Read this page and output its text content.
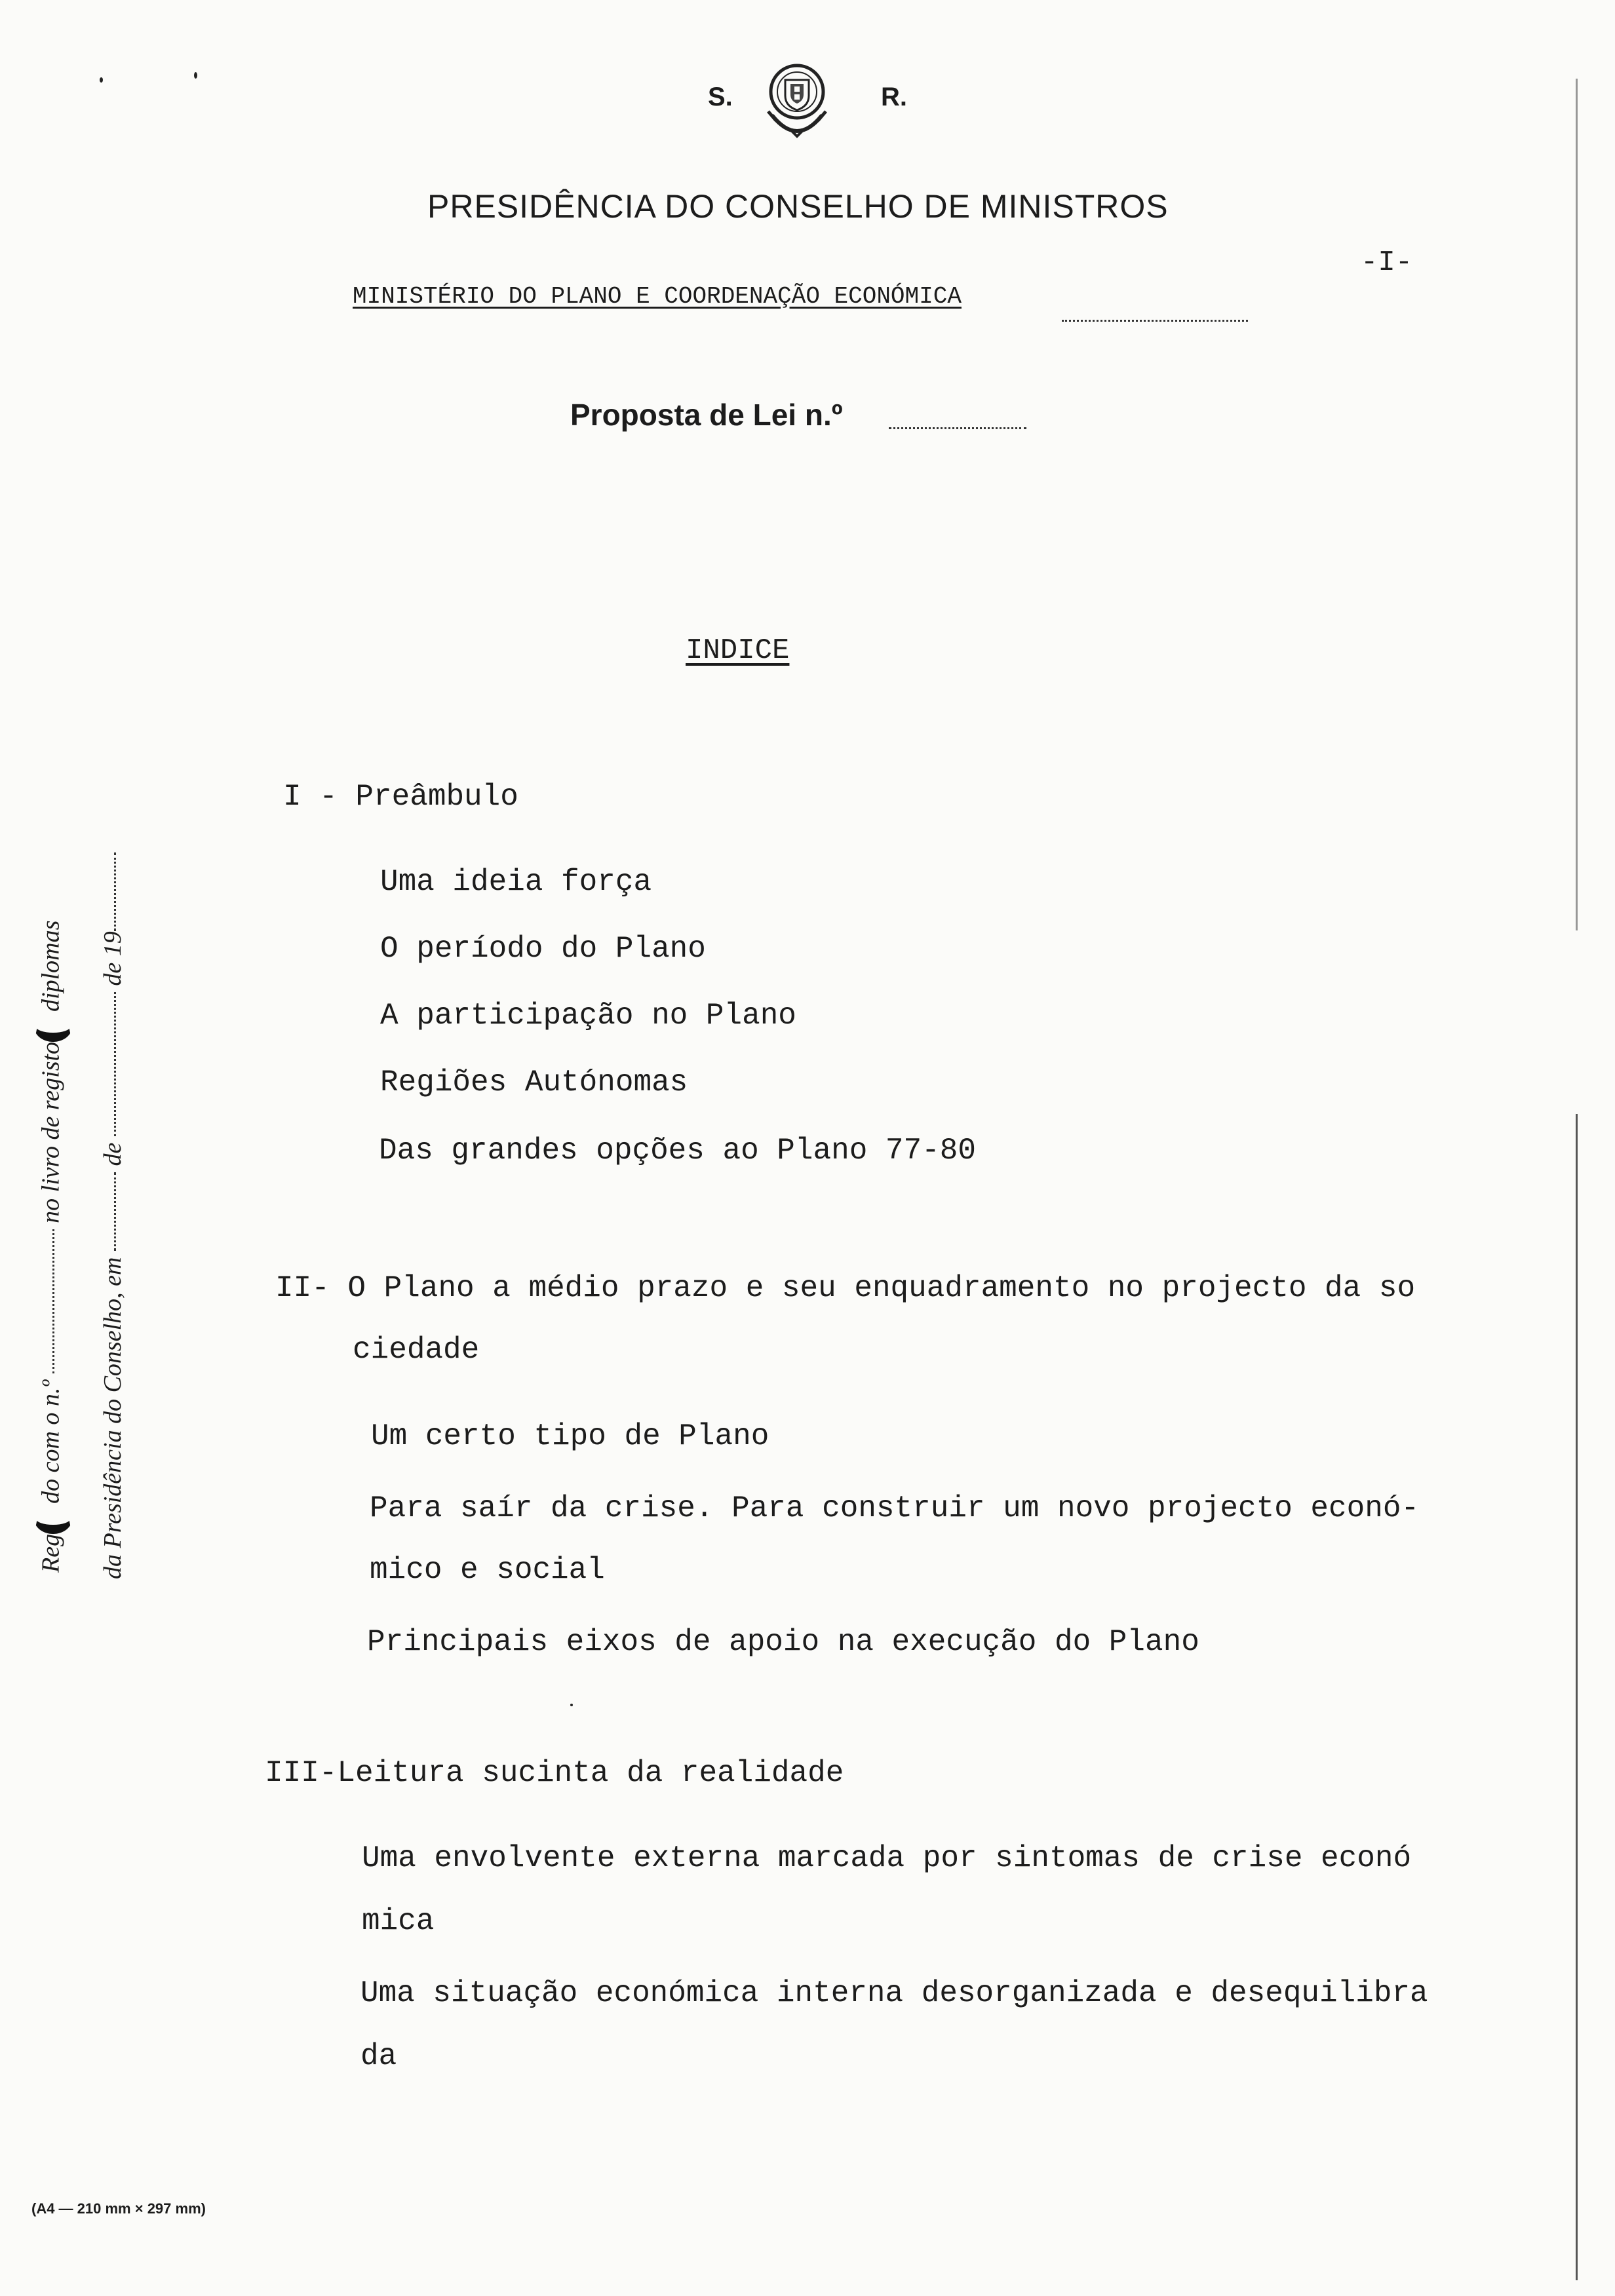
S.	R.
PRESIDÊNCIA DO CONSELHO DE MINISTROS
-I-
MINISTÉRIO DO PLANO E COORDENAÇÃO ECONÓMICA
Proposta de Lei n.º
Regdo com o n.º  no livro de registodiplomas
da Presidência do Conselho, em  de  de 19
INDICE
I - Preâmbulo
Uma ideia força
O período do Plano
A participação no Plano
Regiões Autónomas
Das grandes opções ao Plano 77-80
II- O Plano a médio prazo e seu enquadramento no projecto da so
ciedade
Um certo tipo de Plano
Para saír da crise. Para construir um novo projecto econó-
mico e social
Principais eixos de apoio na execução do Plano
III-Leitura sucinta da realidade
Uma envolvente externa marcada por sintomas de crise econó
mica
Uma situação económica interna desorganizada e desequilibra
da
(A4 — 210 mm × 297 mm)
